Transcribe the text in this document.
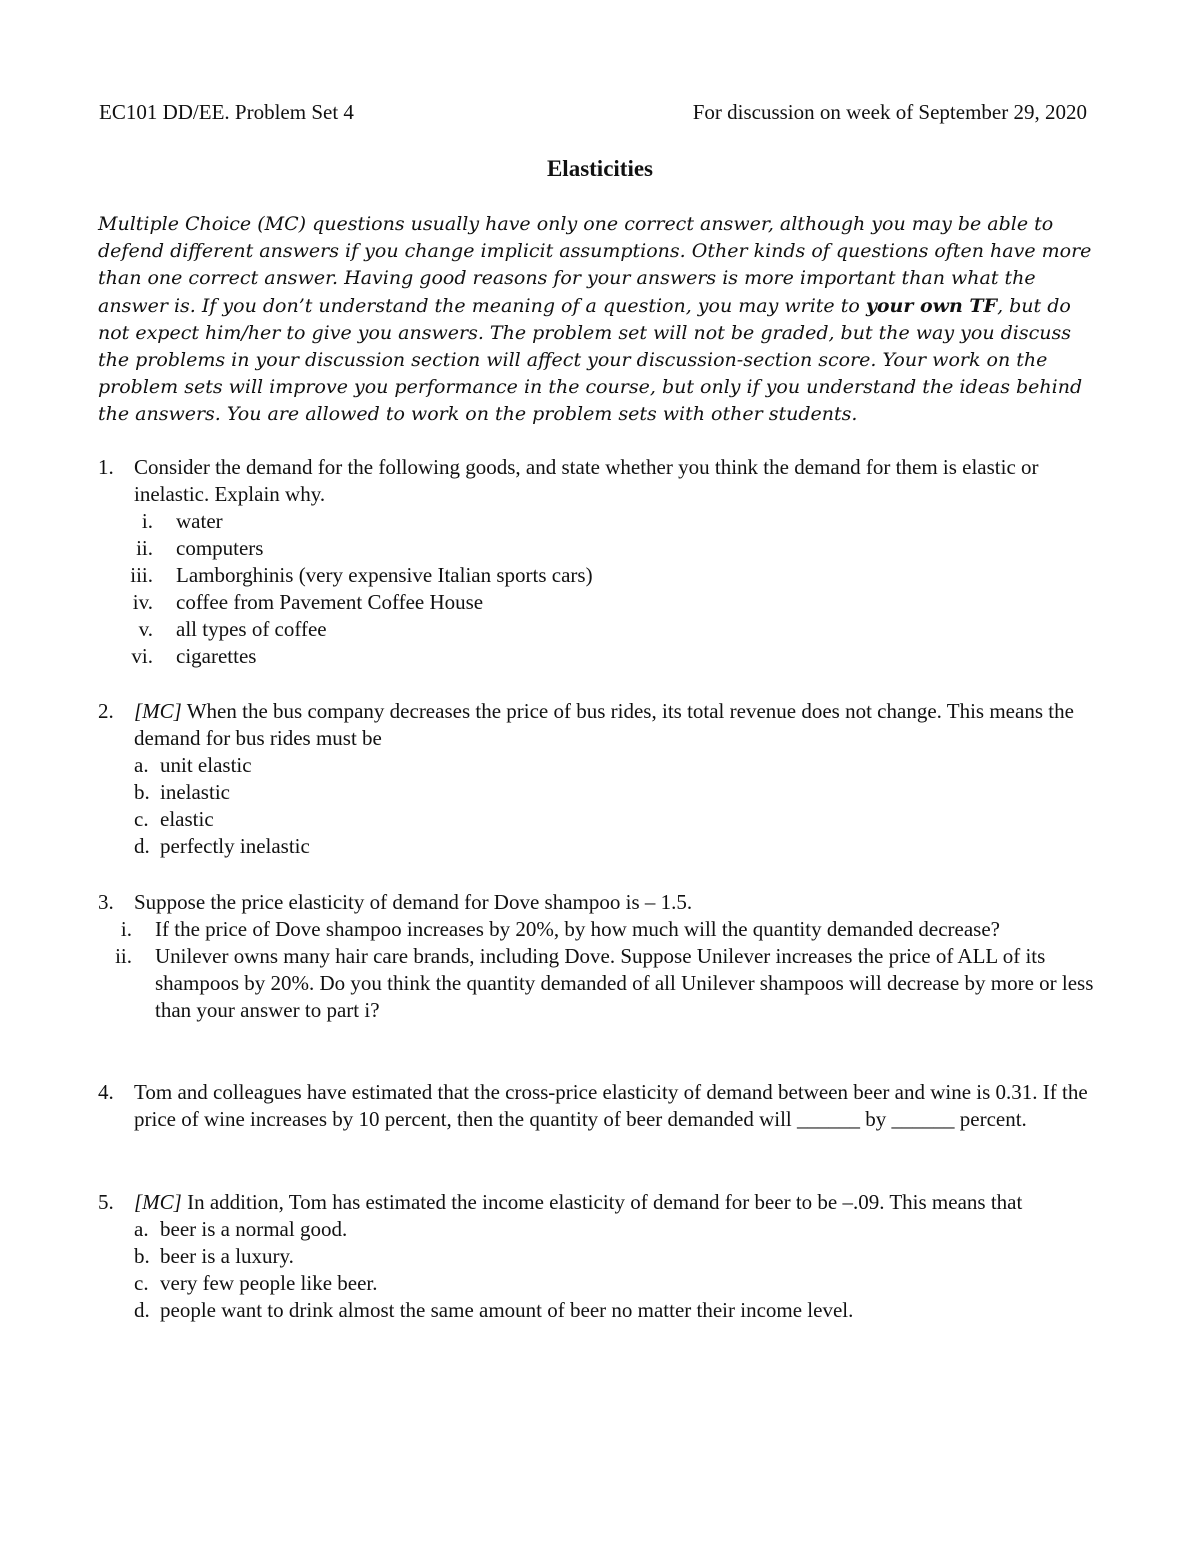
EC101 DD/EE. Problem Set 4	For discussion on week of September 29, 2020
Elasticities
Multiple Choice (MC) questions usually have only one correct answer, although you may be able to defend different answers if you change implicit assumptions. Other kinds of questions often have more than one correct answer. Having good reasons for your answers is more important than what the answer is. If you don’t understand the meaning of a question, you may write to your own TF, but do not expect him/her to give you answers. The problem set will not be graded, but the way you discuss the problems in your discussion section will affect your discussion-section score. Your work on the problem sets will improve you performance in the course, but only if you understand the ideas behind the answers. You are allowed to work on the problem sets with other students.
1. Consider the demand for the following goods, and state whether you think the demand for them is elastic or inelastic. Explain why.
i. water
ii. computers
iii. Lamborghinis (very expensive Italian sports cars)
iv. coffee from Pavement Coffee House
v. all types of coffee
vi. cigarettes
2. [MC] When the bus company decreases the price of bus rides, its total revenue does not change. This means the demand for bus rides must be
a. unit elastic
b. inelastic
c. elastic
d. perfectly inelastic
3. Suppose the price elasticity of demand for Dove shampoo is – 1.5.
i. If the price of Dove shampoo increases by 20%, by how much will the quantity demanded decrease?
ii. Unilever owns many hair care brands, including Dove. Suppose Unilever increases the price of ALL of its shampoos by 20%. Do you think the quantity demanded of all Unilever shampoos will decrease by more or less than your answer to part i?
4. Tom and colleagues have estimated that the cross-price elasticity of demand between beer and wine is 0.31. If the price of wine increases by 10 percent, then the quantity of beer demanded will ______ by ______ percent.
5. [MC] In addition, Tom has estimated the income elasticity of demand for beer to be –.09. This means that
a. beer is a normal good.
b. beer is a luxury.
c. very few people like beer.
d. people want to drink almost the same amount of beer no matter their income level.
